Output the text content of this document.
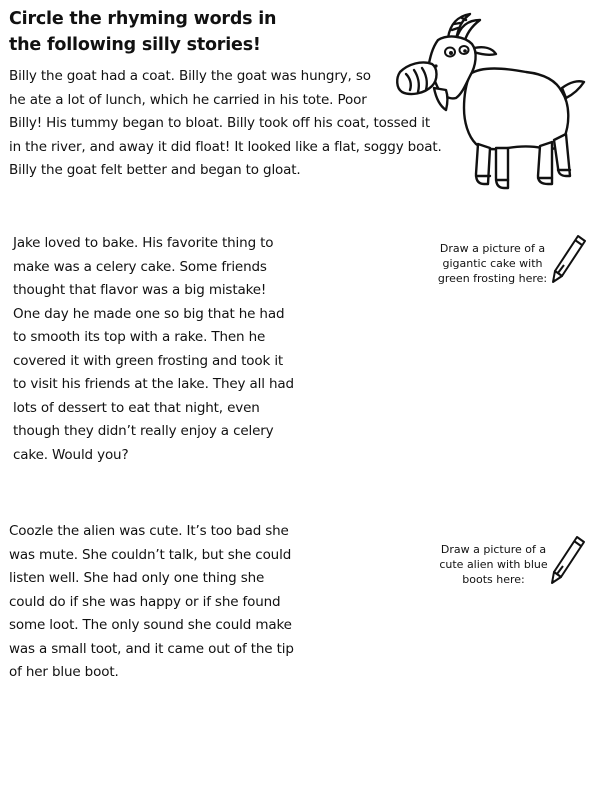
Circle the rhyming words in
the following silly stories!

Billy the goat had a coat. Billy the goat was hungry, so
he ate a lot of lunch, which he carried in his tote. Poor
Billy! His tummy began to bloat. Billy took off his coat, tossed it
in the river, and away it did float! It looked like a flat, soggy boat.
Billy the goat felt better and began to gloat.

Jake loved to bake. His favorite thing to
make was a celery cake. Some friends
thought that flavor was a big mistake!
One day he made one so big that he had
to smooth its top with a rake. Then he
covered it with green frosting and took it
to visit his friends at the lake. They all had
lots of dessert to eat that night, even
though they didn’t really enjoy a celery
cake. Would you?

Draw a picture of a
gigantic cake with
green frosting here:

Coozle the alien was cute. It’s too bad she
was mute. She couldn’t talk, but she could
listen well. She had only one thing she
could do if she was happy or if she found
some loot. The only sound she could make
was a small toot, and it came out of the tip
of her blue boot.

Draw a picture of a
cute alien with blue
boots here:
